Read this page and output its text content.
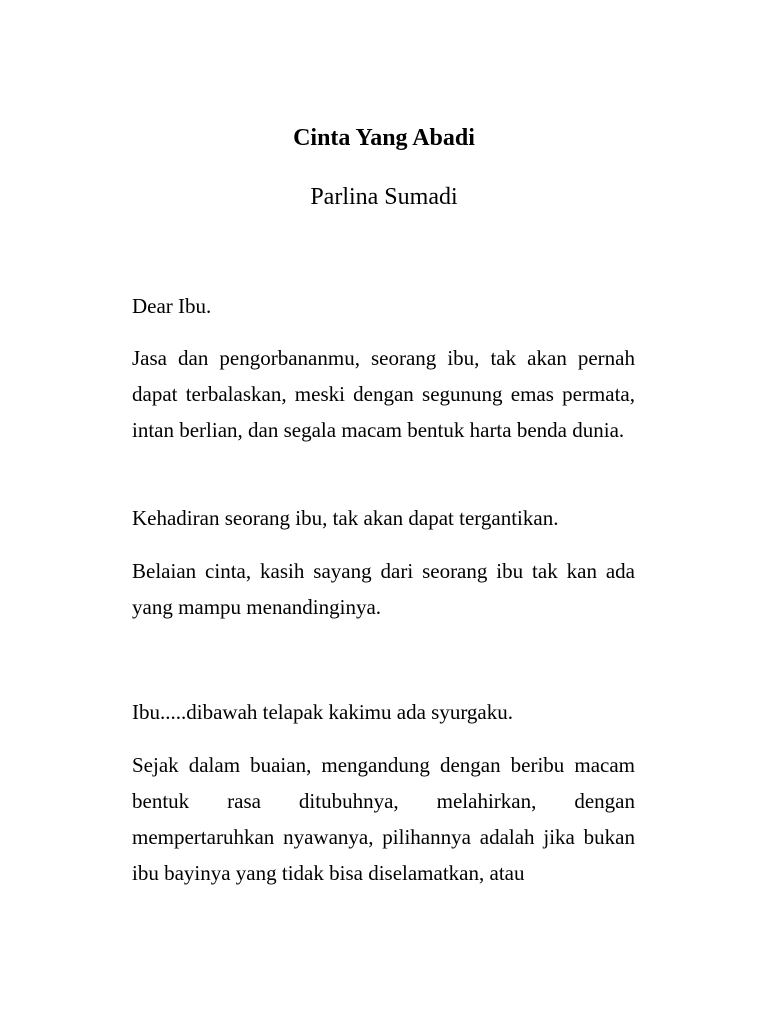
Cinta Yang Abadi

Parlina Sumadi

Dear Ibu.

Jasa dan pengorbananmu, seorang ibu, tak akan pernah dapat terbalaskan, meski dengan segunung emas permata, intan berlian, dan segala macam bentuk harta benda dunia.

Kehadiran seorang ibu, tak akan dapat tergantikan.

Belaian cinta, kasih sayang dari seorang ibu tak kan ada yang mampu menandinginya.

Ibu.....dibawah telapak kakimu ada syurgaku.

Sejak dalam buaian, mengandung dengan beribu macam bentuk rasa ditubuhnya, melahirkan, dengan mempertaruhkan nyawanya, pilihannya adalah jika bukan ibu bayinya yang tidak bisa diselamatkan, atau
